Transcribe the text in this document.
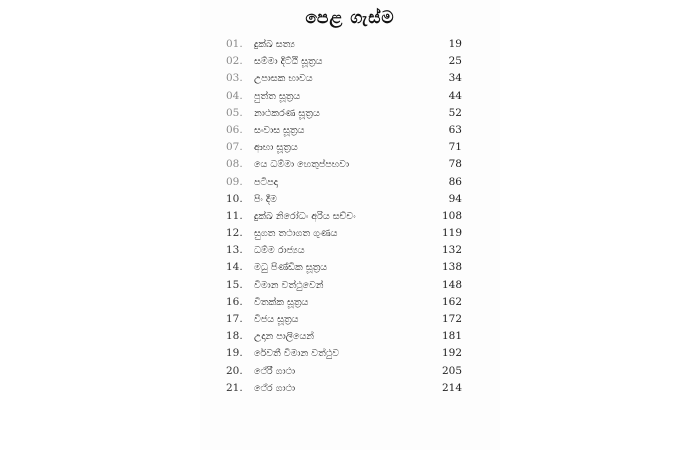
පෙළ ගැස්ම
01.	දුක්ඛ සත්‍ය	19
02.	සම්මා දිට්ඨි සූත්‍රය	25
03.	උපාසක භාවය	34
04.	පුත්ත සූත්‍රය	44
05.	නාථකරණ සූත්‍රය	52
06.	සංවාස සූත්‍රය	63
07.	ආභා සූත්‍රය	71
08.	යෙ ධම්මා හෙතුප්පභවා	78
09.	පටිපදා	86
10.	පිං දීම	94
11.	දුක්ඛ නිරෝධං අරිය සච්චං	108
12.	සුගත තථාගත ගුණය	119
13.	ධම්ම රාජ්‍යය	132
14.	මධු පිණ්ඩික සූත්‍රය	138
15.	විමාන වත්ථුවෙන්	148
16.	විතක්ක සූත්‍රය	162
17.	විජය සූත්‍රය	172
18.	උදාන පාලියෙන්	181
19.	රේවතී විමාන වත්ථුව	192
20.	ථේරී ගාථා	205
21.	ථේර ගාථා	214
